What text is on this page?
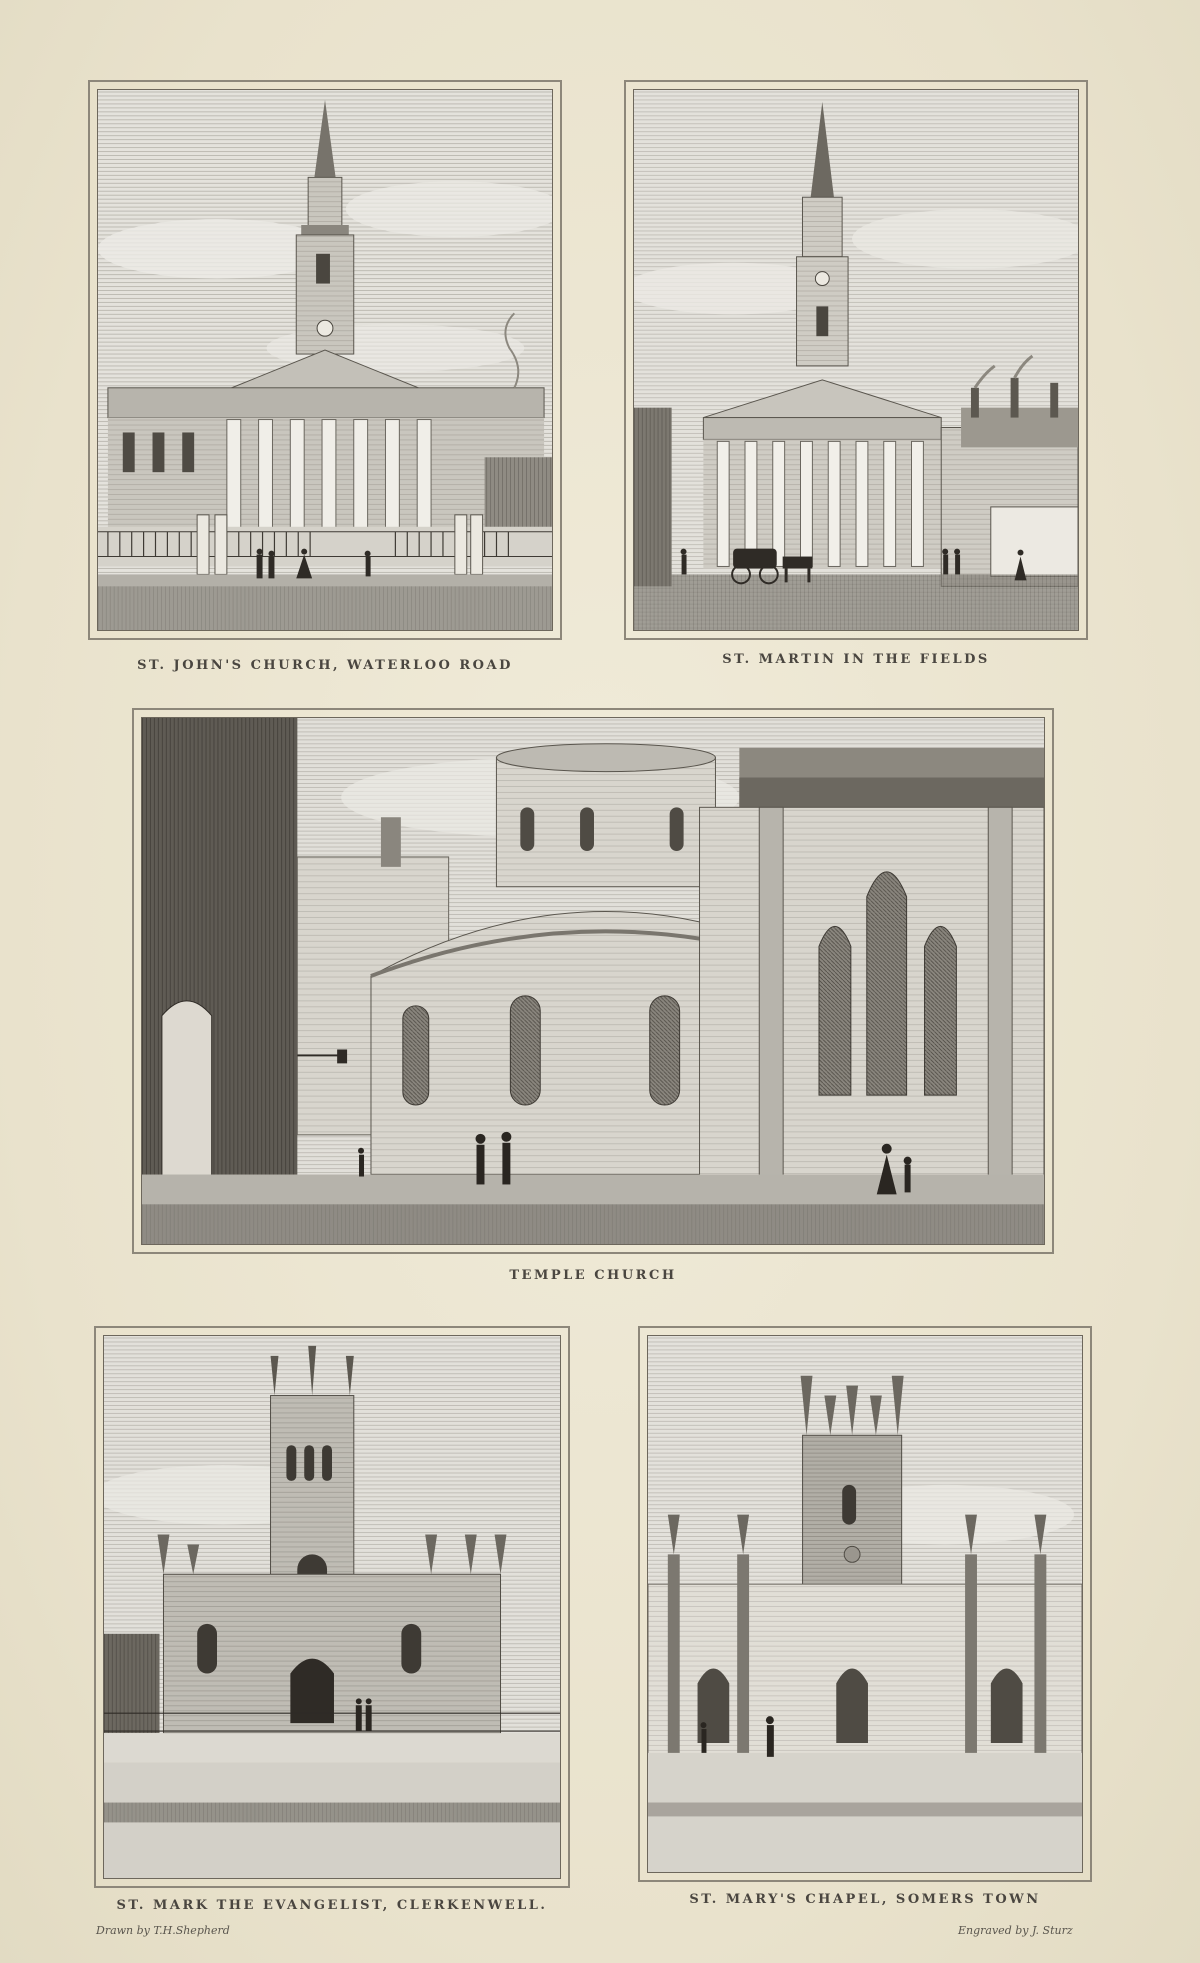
ST. JOHN'S CHURCH, WATERLOO ROAD	ST. MARTIN IN THE FIELDS
TEMPLE CHURCH
ST. MARK THE EVANGELIST, CLERKENWELL.	ST. MARY'S CHAPEL, SOMERS TOWN
Drawn by T.H.Shepherd	Engraved by J. Sturz
